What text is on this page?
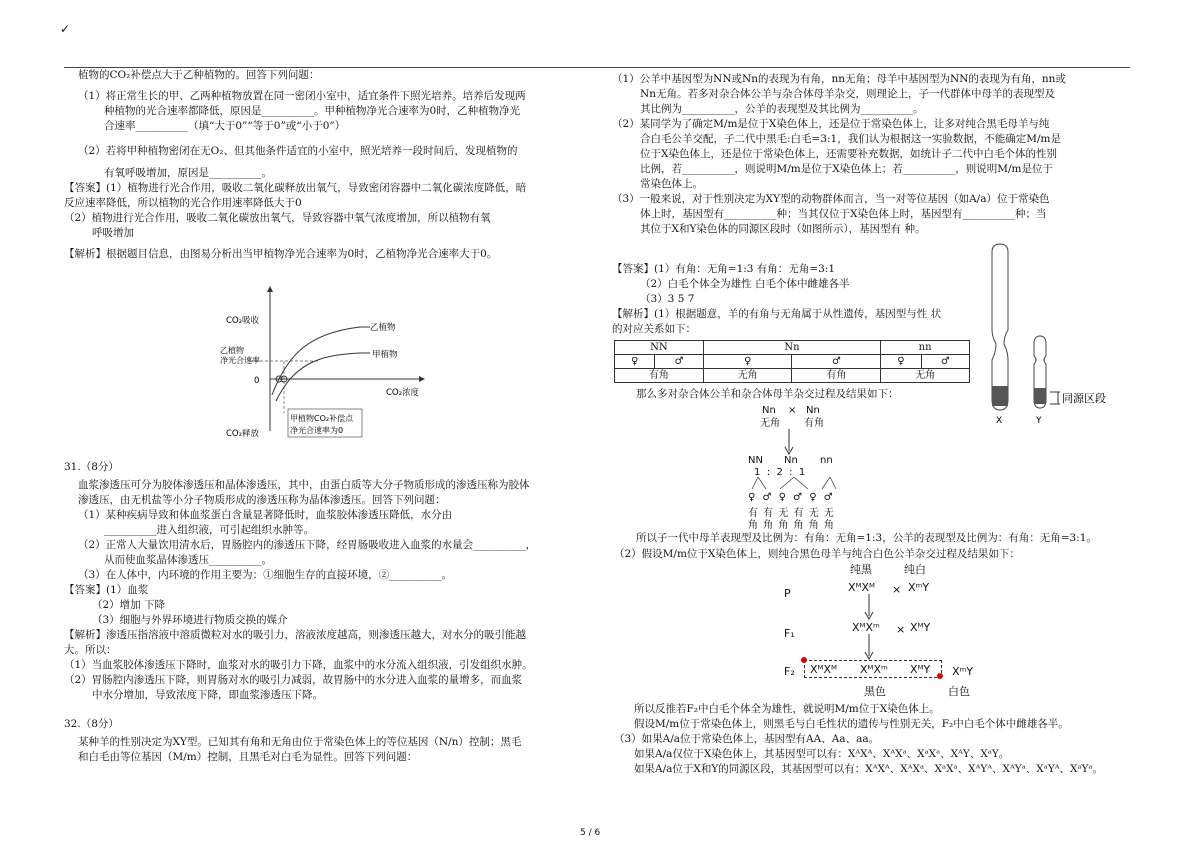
✓

植物的CO₂补偿点大于乙种植物的。回答下列问题：

（1）将正常生长的甲、乙两种植物放置在同一密闭小室中，适宜条件下照光培养。培养后发现两

种植物的光合速率都降低，原因是__________。甲种植物净光合速率为0时，乙种植物净光

合速率__________（填“大于0”“等于0”或“小于0”）

（2）若将甲种植物密闭在无O₂、但其他条件适宜的小室中，照光培养一段时间后，发现植物的

有氧呼吸增加，原因是__________。

【答案】(1）植物进行光合作用，吸收二氧化碳释放出氧气，导致密闭容器中二氧化碳浓度降低，暗

反应速率降低，所以植物的光合作用速率降低大于0

（2）植物进行光合作用，吸收二氧化碳放出氧气，导致容器中氧气浓度增加，所以植物有氧

呼吸增加

【解析】根据题目信息，由图易分析出当甲植物净光合速率为0时，乙植物净光合速率大于0。

CO₂吸收
CO₂释放
CO₂浓度
0
乙植物
甲植物
乙植物
净光合速率
甲植物CO₂补偿点
净光合速率为0

31.（8分）

血浆渗透压可分为胶体渗透压和晶体渗透压，其中，由蛋白质等大分子物质形成的渗透压称为胶体

渗透压，由无机盐等小分子物质形成的渗透压称为晶体渗透压。回答下列问题：

（1）某种疾病导致和体血浆蛋白含量显著降低时，血浆胶体渗透压降低，水分由

__________进入组织液，可引起组织水肿等。

（2）正常人大量饮用清水后，胃肠腔内的渗透压下降，经胃肠吸收进入血浆的水量会__________，

从而使血浆晶体渗透压__________。

（3）在人体中，内环境的作用主要为：①细胞生存的直接环境，②__________。

【答案】(1）血浆

（2）增加 下降

（3）细胞与外界环境进行物质交换的媒介

【解析】渗透压指溶液中溶质微粒对水的吸引力，溶液浓度越高，则渗透压越大，对水分的吸引能越

大。所以：

（1）当血浆胶体渗透压下降时，血浆对水的吸引力下降，血浆中的水分流入组织液，引发组织水肿。

（2）胃肠腔内渗透压下降，则胃肠对水的吸引力减弱，故胃肠中的水分进入血浆的量增多，而血浆

中水分增加，导致浓度下降，即血浆渗透压下降。

32.（8分）

某种羊的性别决定为XY型。已知其有角和无角由位于常染色体上的等位基因（N/n）控制；黑毛

和白毛由等位基因（M/m）控制，且黑毛对白毛为显性。回答下列问题：

（1）公羊中基因型为NN或Nn的表现为有角，nn无角；母羊中基因型为NN的表现为有角，nn或

Nn无角。若多对杂合体公羊与杂合体母羊杂交，则理论上，子一代群体中母羊的表现型及

其比例为__________，公羊的表现型及其比例为__________。

（2）某同学为了确定M/m是位于X染色体上，还是位于常染色体上，让多对纯合黑毛母羊与纯

合白毛公羊交配，子二代中黑毛:白毛=3:1，我们认为根据这一实验数据，不能确定M/m是

位于X染色体上，还是位于常染色体上，还需要补充数据，如统计子二代中白毛个体的性别

比例，若__________，则说明M/m是位于X染色体上；若__________，则说明M/m是位于

常染色体上。

（3）一般来说，对于性别决定为XY型的动物群体而言，当一对等位基因（如A/a）位于常染色

体上时，基因型有__________种；当其仅位于X染色体上时，基因型有__________种；当

其位于X和Y染色体的同源区段时（如图所示），基因型有 种。

【答案】(1）有角：无角=1:3 有角：无角=3:1

（2）白毛个体全为雄性 白毛个体中雌雄各半

（3）3 5 7

【解析】(1）根据题意，羊的有角与无角属于从性遗传，基因型与性 状

的对应关系如下：

NN		Nn		nn	
♀	♂	♀	♂	♀	♂
有角		无角	有角	无角	

那么多对杂合体公羊和杂合体母羊杂交过程及结果如下：

Nn × Nn
无角 有角
NN Nn nn
1  :  2  :  1
♀ ♂ ♀ ♂ ♀ ♂
有 有 无 有 无 无
角 角 角 角 角 角

所以子一代中母羊表现型及比例为：有角：无角=1:3，公羊的表现型及比例为：有角：无角=3:1。

（2）假设M/m位于X染色体上，则纯合黑色母羊与纯合白色公羊杂交过程及结果如下：

纯黑	纯白
P	XᴹXᴹ × XᵐY
F₁	XᴹXᵐ × XᴹY
F₂ XᴹXᴹ XᴹXᵐ XᴹY XᵐY
黑色	白色

所以反推若F₂中白毛个体全为雄性，就说明M/m位于X染色体上。

假设M/m位于常染色体上，则黑毛与白毛性状的遗传与性别无关，F₂中白毛个体中雌雄各半。

（3）如果A/a位于常染色体上，基因型有AA、Aa、aa。

如果A/a仅位于X染色体上，其基因型可以有：XᴬXᴬ、XᴬXᵃ、XᵃXᵃ、XᴬY、XᵃY。

如果A/a位于X和Y的同源区段，其基因型可以有：XᴬXᴬ、XᴬXᵃ、XᵃXᵃ、XᴬYᴬ、XᴬYᵃ、XᵃYᴬ、XᵃYᵃ。

同源区段
X	Y
5 / 6
